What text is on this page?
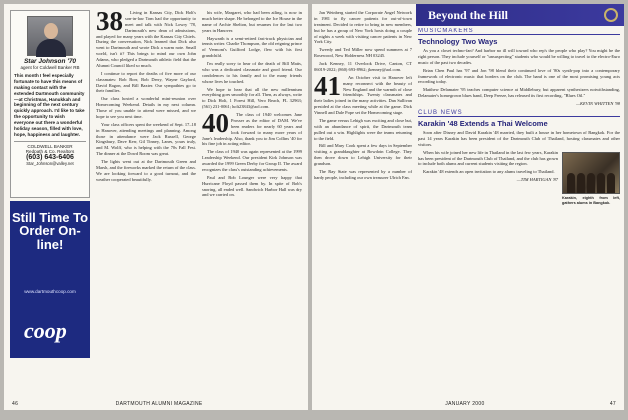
Star Johnson '70
agent for Coldwell Banker RB
This month I feel especially fortunate to have this means of making contact with the extended Dartmouth community—at Christmas, Hanukkah and beginning of the next century quickly approach. I'd like to take the opportunity to wish everyone out there a wonderful holiday season, filled with love, hope, happiness and laughter.
COLDWELL BANKER
Redpath & Co. Realtors
(603) 643-6406
Star_Johnson@valley.net
Still Time To Order On-line!
www.dartmouthcoop.com
coop
38	Living in Kansas City, Dick Holt's son-in-law Tom had the opportunity to meet and talk with Nick Lowry '78, Dartmouth's new dean of admissions, and played for many years with the Kansas City Chiefs. During the conversation, Nick learned that Dick also went to Dartmouth and wrote Dick a warm note. Small world, isn't it? This brings to mind our own John Adams, who pledged a Dartmouth athletic field that the Alumni Council liked so much.

I continue to report the deaths of five more of our classmates: Bob Borr, Bob Derry, Wayne Gaylord, David Ragon, and Bill Baxter. Our sympathies go to their families.

Our class hosted a wonderful mini-reunion over Homecoming Weekend. Details in my next column. Those of you unable to attend were missed, and we hope to see you next time.

Your class officers spent the weekend of Sept. 17–18 in Hanover, attending meetings and planning. Among those in attendance were Jack Russell, George Kingsbury, Dave Kerr, Gil Tinney, Lanes, yours truly, and M. Wolff, who is helping with the 70s Fall Fest. The dinner at the Dowd Room was great.

The lights went out at the Dartmouth Green and Marsh, and the fireworks marked the return of the class. We are looking forward to a good turnout, and the weather cooperated beautifully.

his wife, Margaret, who had been ailing, is now in much better shape. He belonged to the Ice House in the name of Archie Shelton, but resumes for the last two years in Hanover.

Haywarth is a semi-retired fast-track physician and tennis writer. Charlie Thompson, the old reigning prince of Vermont's Guilford Lodge, flew with his first grandchild.

I'm really sorry to hear of the death of Bill Matts, who was a dedicated classmate and good friend. Our condolences to his family and to the many friends whose lives he touched.

We hope to hear that all the new millennium everything goes smoothly for all. Then, as always, write to Dick Holt, 1 Forest Hill, Vero Beach, FL 32963; (561) 231-0061; holt23843@aol.com.

40	The class of 1940 welcomes Jane Prosser as the editor of DAM. We've been readers for nearly 60 years and look forward to many more years of Jane's leadership. Also, thank you to Jim Collins '40 for his fine job in acting editor.

The class of 1940 was again represented at the 1999 Leadership Weekend. Our president Kirk Johnson was awarded the 1999 Green Derby for Group II. The award recognizes the class's outstanding achievements.

Paul and Bob Lounger were very happy that Hurricane Floyd passed them by. In spite of Bob's snoring, all ended well. Sandwich Harbor Hall was dry and we carried on.

46	DARTMOUTH ALUMNI MAGAZINE

Jan Weinberg started the Corporate Angel Network in 1981 to fly cancer patients for out-of-town treatment. Decided to retire to bring in new members, but he has a group of New York hosts doing a couple of nights a week with visiting cancer patients in New York City.

Tweedy and Ted Miller now spend summers at 7 Rosewood, New Holderness NH 03245.

Jack Kenney, 11 Overlook Drive, Canton, CT 06019-2022; (860) 693-8962; jkenney@aol.com.

41	An October visit to Hanover left many reconnect with the beauty of New England and the warmth of close friendships. Twenty classmates and their ladies joined in the many activities. Dan Sullivan presided at the class meeting while at the game. Dick Vinnell and Dale Pope set the Homecoming stage.

The game versus Lehigh was exciting and close but, with an abundance of spirit, the Dartmouth team pulled out a win. Highlights were the teams returning to the field.

Bill and Mary Cook spent a few days in September visiting a granddaughter at Bowdoin College. They then drove down to Lehigh University for their grandson.

The Ray State was represented by a number of hardy people, including our own treasurer Ulrich Fan.

Beyond the Hill
MUSICMAKERS
Technology Two Ways

As you a closet techno-fan? And harbor no ill will toward who rep's the people who play? You might be the right person. They include yourself or "unsuspecting" students who would be willing to travel to the electro-Euro music of the past two decades.

Brian Chen Paul has '97 and Jon '98 blend their continued love of '80s synth-pop into a contemporary framework of electronic music that borders on the club. The band is one of the most promising young acts recording today.

Matthew Delamater '95 teaches computer science at Middlebury, but apparent synthesizers notwithstanding, Delamater's homegrown blues band, Deep Freeze, has released its first recording, "Blues Oil."

—KEVIN WHITTEN '98
CLUB NEWS
Karakin '48 Extends a Thai Welcome

Soon after Disney and David Karakin '48 married, they built a house in her hometown of Bangkok. For the past 14 years Karakin has been president of the Dartmouth Club of Thailand, hosting classmates and other visitors.

Karakin, eighth from left, gathers alums in Bangkok.

When his wife joined her new life in Thailand in the last few years, Karakin has been president of the Dartmouth Club of Thailand, and the club has grown to include both alums and current students visiting the region.

Karakin '48 extends an open invitation to any alums traveling to Thailand.

—TIM HARTIGAN '87
JANUARY 2000	47
